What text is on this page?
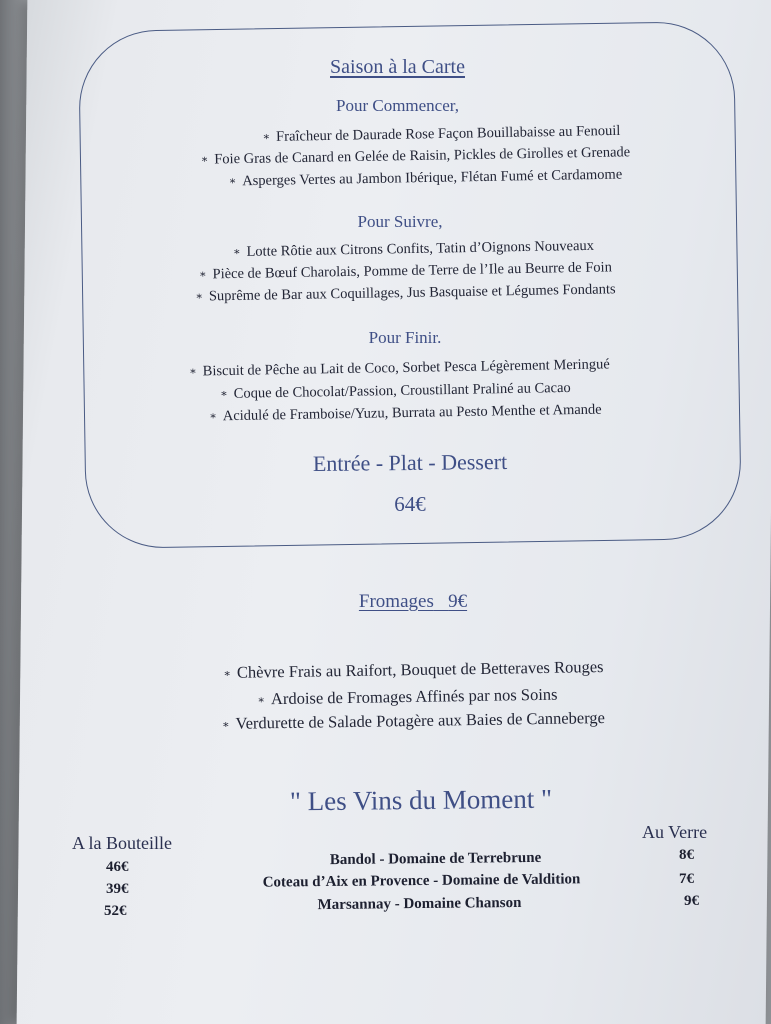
Saison à la Carte
Pour Commencer,
∗ Fraîcheur de Daurade Rose Façon Bouillabaisse au Fenouil
∗ Foie Gras de Canard en Gelée de Raisin, Pickles de Girolles et Grenade
∗ Asperges Vertes au Jambon Ibérique, Flétan Fumé et Cardamome
Pour Suivre,
∗ Lotte Rôtie aux Citrons Confits, Tatin d’Oignons Nouveaux
∗ Pièce de Bœuf Charolais, Pomme de Terre de l’Ile au Beurre de Foin
∗ Suprême de Bar aux Coquillages, Jus Basquaise et Légumes Fondants
Pour Finir.
∗ Biscuit de Pêche au Lait de Coco, Sorbet Pesca Légèrement Meringué
∗ Coque de Chocolat/Passion, Croustillant Praliné au Cacao
∗ Acidulé de Framboise/Yuzu, Burrata au Pesto Menthe et Amande
Entrée - Plat - Dessert
64€
Fromages 9€
∗ Chèvre Frais au Raifort, Bouquet de Betteraves Rouges
∗ Ardoise de Fromages Affinés par nos Soins
∗ Verdurette de Salade Potagère aux Baies de Canneberge
" Les Vins du Moment "
A la Bouteille
Au Verre
46€	Bandol - Domaine de Terrebrune	8€
39€	Coteau d’Aix en Provence - Domaine de Valdition	7€
52€	Marsannay - Domaine Chanson	9€
